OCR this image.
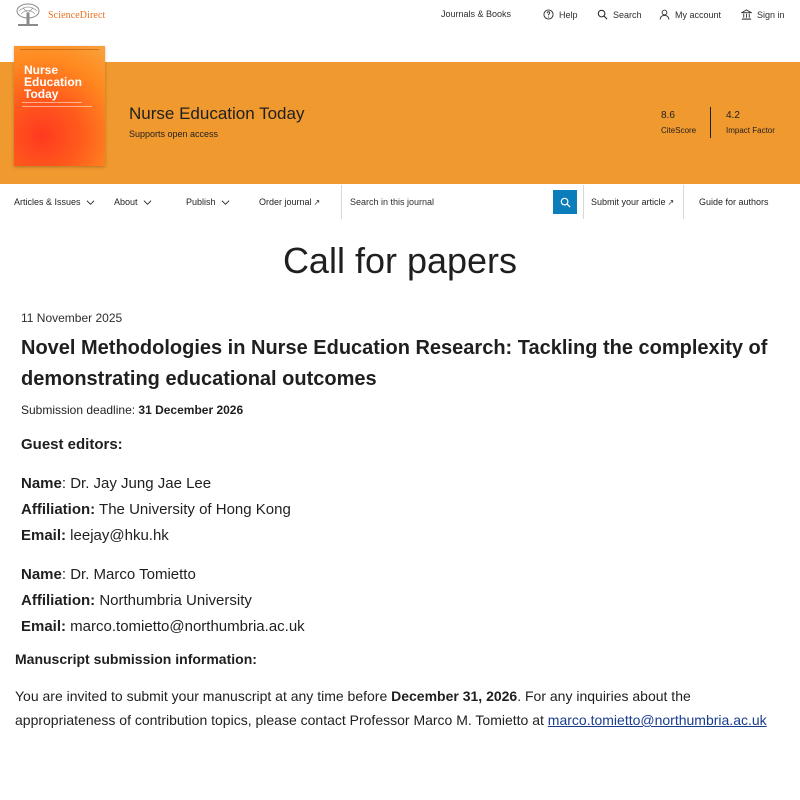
ScienceDirect	Journals & Books	Help	Search	My account	Sign in
Nurse
Education
Today
Nurse Education Today
Supports open access
8.6
CiteScore
4.2
Impact Factor
Articles & Issues	About	Publish	Order journal ↗	Submit your article ↗	Guide for authors
Search in this journal
Call for papers
11 November 2025
Novel Methodologies in Nurse Education Research: Tackling the complexity of demonstrating educational outcomes
Submission deadline: 31 December 2026
Guest editors:
Name: Dr. Jay Jung Jae Lee
Affiliation: The University of Hong Kong
Email: leejay@hku.hk
Name: Dr. Marco Tomietto
Affiliation: Northumbria University
Email: marco.tomietto@northumbria.ac.uk
Manuscript submission information:
You are invited to submit your manuscript at any time before December 31, 2026. For any inquiries about the appropriateness of contribution topics, please contact Professor Marco M. Tomietto at marco.tomietto@northumbria.ac.uk
